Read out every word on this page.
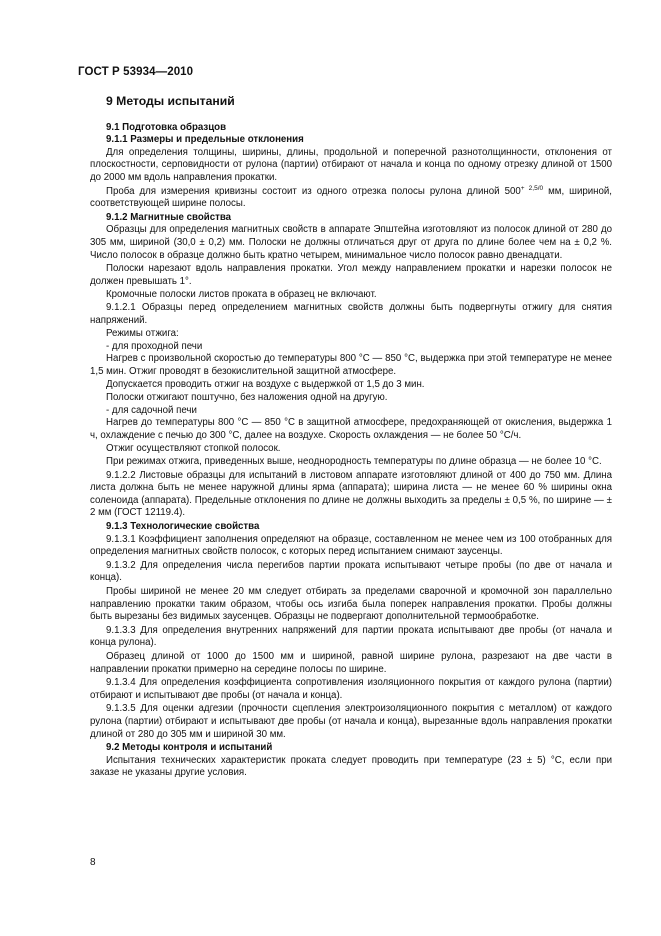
ГОСТ Р 53934—2010
9 Методы испытаний
9.1 Подготовка образцов
9.1.1 Размеры и предельные отклонения
Для определения толщины, ширины, длины, продольной и поперечной разнотолщинности, отклонения от плоскостности, серповидности от рулона (партии) отбирают от начала и конца по одному отрезку длиной от 1500 до 2000 мм вдоль направления прокатки.
Проба для измерения кривизны состоит из одного отрезка полосы рулона длиной $500^{+ 2,5/0}$ мм, шириной, соответствующей ширине полосы.
9.1.2 Магнитные свойства
Образцы для определения магнитных свойств в аппарате Эпштейна изготовляют из полосок длиной от 280 до 305 мм, шириной (30,0 ± 0,2) мм. Полоски не должны отличаться друг от друга по длине более чем на ± 0,2 %. Число полосок в образце должно быть кратно четырем, минимальное число полосок равно двенадцати.
Полоски нарезают вдоль направления прокатки. Угол между направлением прокатки и нарезки полосок не должен превышать 1°.
Кромочные полоски листов проката в образец не включают.
9.1.2.1 Образцы перед определением магнитных свойств должны быть подвергнуты отжигу для снятия напряжений.
Режимы отжига:
- для проходной печи
Нагрев с произвольной скоростью до температуры 800 °С — 850 °С, выдержка при этой температуре не менее 1,5 мин. Отжиг проводят в безокислительной защитной атмосфере.
Допускается проводить отжиг на воздухе с выдержкой от 1,5 до 3 мин.
Полоски отжигают поштучно, без наложения одной на другую.
- для садочной печи
Нагрев до температуры 800 °С — 850 °С в защитной атмосфере, предохраняющей от окисления, выдержка 1 ч, охлаждение с печью до 300 °С, далее на воздухе. Скорость охлаждения — не более 50 °С/ч.
Отжиг осуществляют стопкой полосок.
При режимах отжига, приведенных выше, неоднородность температуры по длине образца — не более 10 °С.
9.1.2.2 Листовые образцы для испытаний в листовом аппарате изготовляют длиной от 400 до 750 мм. Длина листа должна быть не менее наружной длины ярма (аппарата); ширина листа — не менее 60 % ширины окна соленоида (аппарата). Предельные отклонения по длине не должны выходить за пределы ± 0,5 %, по ширине — ± 2 мм (ГОСТ 12119.4).
9.1.3 Технологические свойства
9.1.3.1 Коэффициент заполнения определяют на образце, составленном не менее чем из 100 отобранных для определения магнитных свойств полосок, с которых перед испытанием снимают заусенцы.
9.1.3.2 Для определения числа перегибов партии проката испытывают четыре пробы (по две от начала и конца).
Пробы шириной не менее 20 мм следует отбирать за пределами сварочной и кромочной зон параллельно направлению прокатки таким образом, чтобы ось изгиба была поперек направления прокатки. Пробы должны быть вырезаны без видимых заусенцев. Образцы не подвергают дополнительной термообработке.
9.1.3.3 Для определения внутренних напряжений для партии проката испытывают две пробы (от начала и конца рулона).
Образец длиной от 1000 до 1500 мм и шириной, равной ширине рулона, разрезают на две части в направлении прокатки примерно на середине полосы по ширине.
9.1.3.4 Для определения коэффициента сопротивления изоляционного покрытия от каждого рулона (партии) отбирают и испытывают две пробы (от начала и конца).
9.1.3.5 Для оценки адгезии (прочности сцепления электроизоляционного покрытия с металлом) от каждого рулона (партии) отбирают и испытывают две пробы (от начала и конца), вырезанные вдоль направления прокатки длиной от 280 до 305 мм и шириной 30 мм.
9.2 Методы контроля и испытаний
Испытания технических характеристик проката следует проводить при температуре (23 ± 5) °С, если при заказе не указаны другие условия.
8
